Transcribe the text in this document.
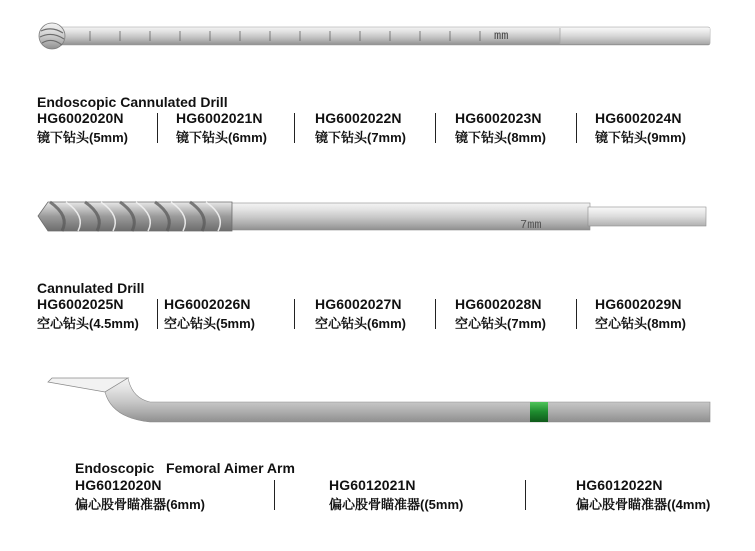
mm
7mm
Endoscopic Cannulated Drill
HG6002020N
镜下钻头(5mm)
HG6002021N
镜下钻头(6mm)
HG6002022N
镜下钻头(7mm)
HG6002023N
镜下钻头(8mm)
HG6002024N
镜下钻头(9mm)
Cannulated Drill
HG6002025N
空心钻头(4.5mm)
HG6002026N
空心钻头(5mm)
HG6002027N
空心钻头(6mm)
HG6002028N
空心钻头(7mm)
HG6002029N
空心钻头(8mm)
Endoscopic   Femoral Aimer Arm
HG6012020N
偏心股骨瞄准器(6mm)
HG6012021N
偏心股骨瞄准器((5mm)
HG6012022N
偏心股骨瞄准器((4mm)
